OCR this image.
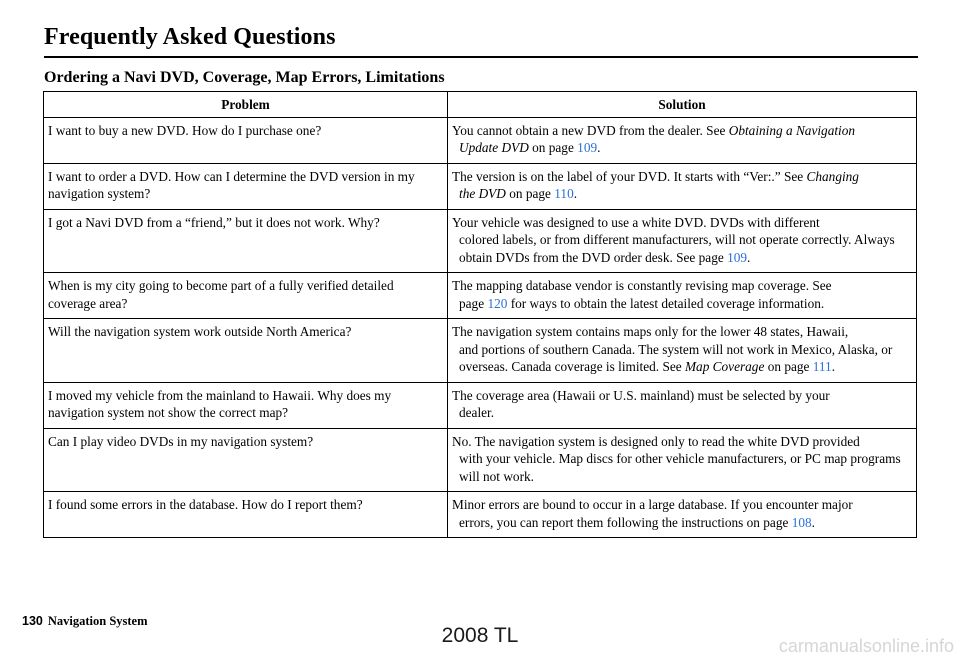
Frequently Asked Questions
Ordering a Navi DVD, Coverage, Map Errors, Limitations
Problem	Solution
I want to buy a new DVD. How do I purchase one?	You cannot obtain a new DVD from the dealer. See Obtaining a Navigation
Update DVD on page 109.

I want to order a DVD. How can I determine the DVD version in my navigation system?	The version is on the label of your DVD. It starts with “Ver:.” See Changing
the DVD on page 110.

I got a Navi DVD from a “friend,” but it does not work. Why?	Your vehicle was designed to use a white DVD. DVDs with different
colored labels, or from different manufacturers, will not operate correctly. Always obtain DVDs from the DVD order desk. See page 109.

When is my city going to become part of a fully verified detailed coverage area?	The mapping database vendor is constantly revising map coverage. See
page 120 for ways to obtain the latest detailed coverage information.

Will the navigation system work outside North America?	The navigation system contains maps only for the lower 48 states, Hawaii,
and portions of southern Canada. The system will not work in Mexico, Alaska, or overseas. Canada coverage is limited. See Map Coverage on page 111.

I moved my vehicle from the mainland to Hawaii. Why does my navigation system not show the correct map?	The coverage area (Hawaii or U.S. mainland) must be selected by your
dealer.

Can I play video DVDs in my navigation system?	No. The navigation system is designed only to read the white DVD provided
with your vehicle. Map discs for other vehicle manufacturers, or PC map programs will not work.

I found some errors in the database. How do I report them?	Minor errors are bound to occur in a large database. If you encounter major
errors, you can report them following the instructions on page 108.
130 Navigation System
2008 TL	carmanualsonline.info
